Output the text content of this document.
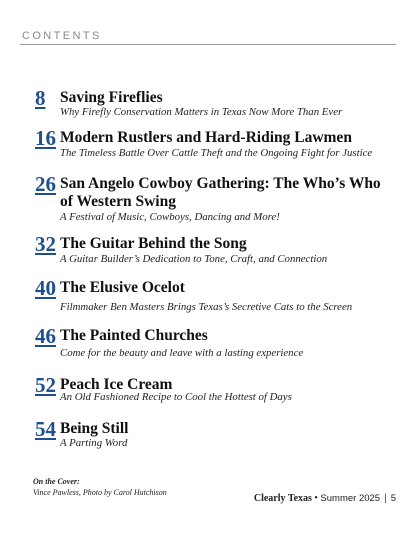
CONTENTS
8 Saving Fireflies
Why Firefly Conservation Matters in Texas Now More Than Ever
16 Modern Rustlers and Hard-Riding Lawmen
The Timeless Battle Over Cattle Theft and the Ongoing Fight for Justice
26 San Angelo Cowboy Gathering: The Who’s Who of Western Swing
A Festival of Music, Cowboys, Dancing and More!
32 The Guitar Behind the Song
A Guitar Builder’s Dedication to Tone, Craft, and Connection
40 The Elusive Ocelot
Filmmaker Ben Masters Brings Texas’s Secretive Cats to the Screen
46 The Painted Churches
Come for the beauty and leave with a lasting experience
52 Peach Ice Cream
An Old Fashioned Recipe to Cool the Hottest of Days
54 Being Still
A Parting Word
On the Cover:
Vince Pawless, Photo by Carol Hutchison
Clearly Texas • Summer 2025 | 5
